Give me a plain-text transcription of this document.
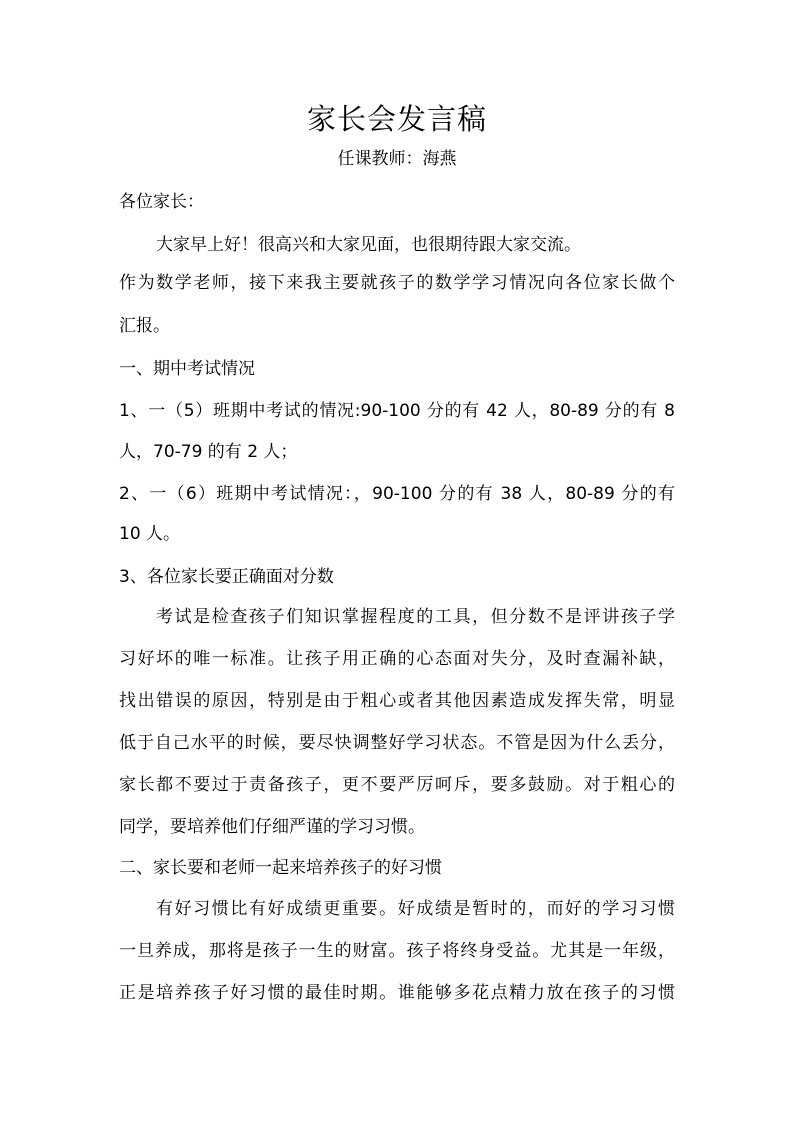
家长会发言稿
任课教师：海燕
各位家长：
大家早上好！很高兴和大家见面，也很期待跟大家交流。
作为数学老师，接下来我主要就孩子的数学学习情况向各位家长做个
汇报。
一、期中考试情况
1、一（5）班期中考试的情况:90-100 分的有 42 人，80-89 分的有 8
人，70-79 的有 2 人；
2、一（6）班期中考试情况：，90-100 分的有 38 人，80-89 分的有
10 人。
3、各位家长要正确面对分数
考试是检查孩子们知识掌握程度的工具，但分数不是评讲孩子学
习好坏的唯一标准。让孩子用正确的心态面对失分，及时查漏补缺，
找出错误的原因，特别是由于粗心或者其他因素造成发挥失常，明显
低于自己水平的时候，要尽快调整好学习状态。不管是因为什么丢分，
家长都不要过于责备孩子，更不要严厉呵斥，要多鼓励。对于粗心的
同学，要培养他们仔细严谨的学习习惯。
二、家长要和老师一起来培养孩子的好习惯
有好习惯比有好成绩更重要。好成绩是暂时的，而好的学习习惯
一旦养成，那将是孩子一生的财富。孩子将终身受益。尤其是一年级，
正是培养孩子好习惯的最佳时期。谁能够多花点精力放在孩子的习惯
